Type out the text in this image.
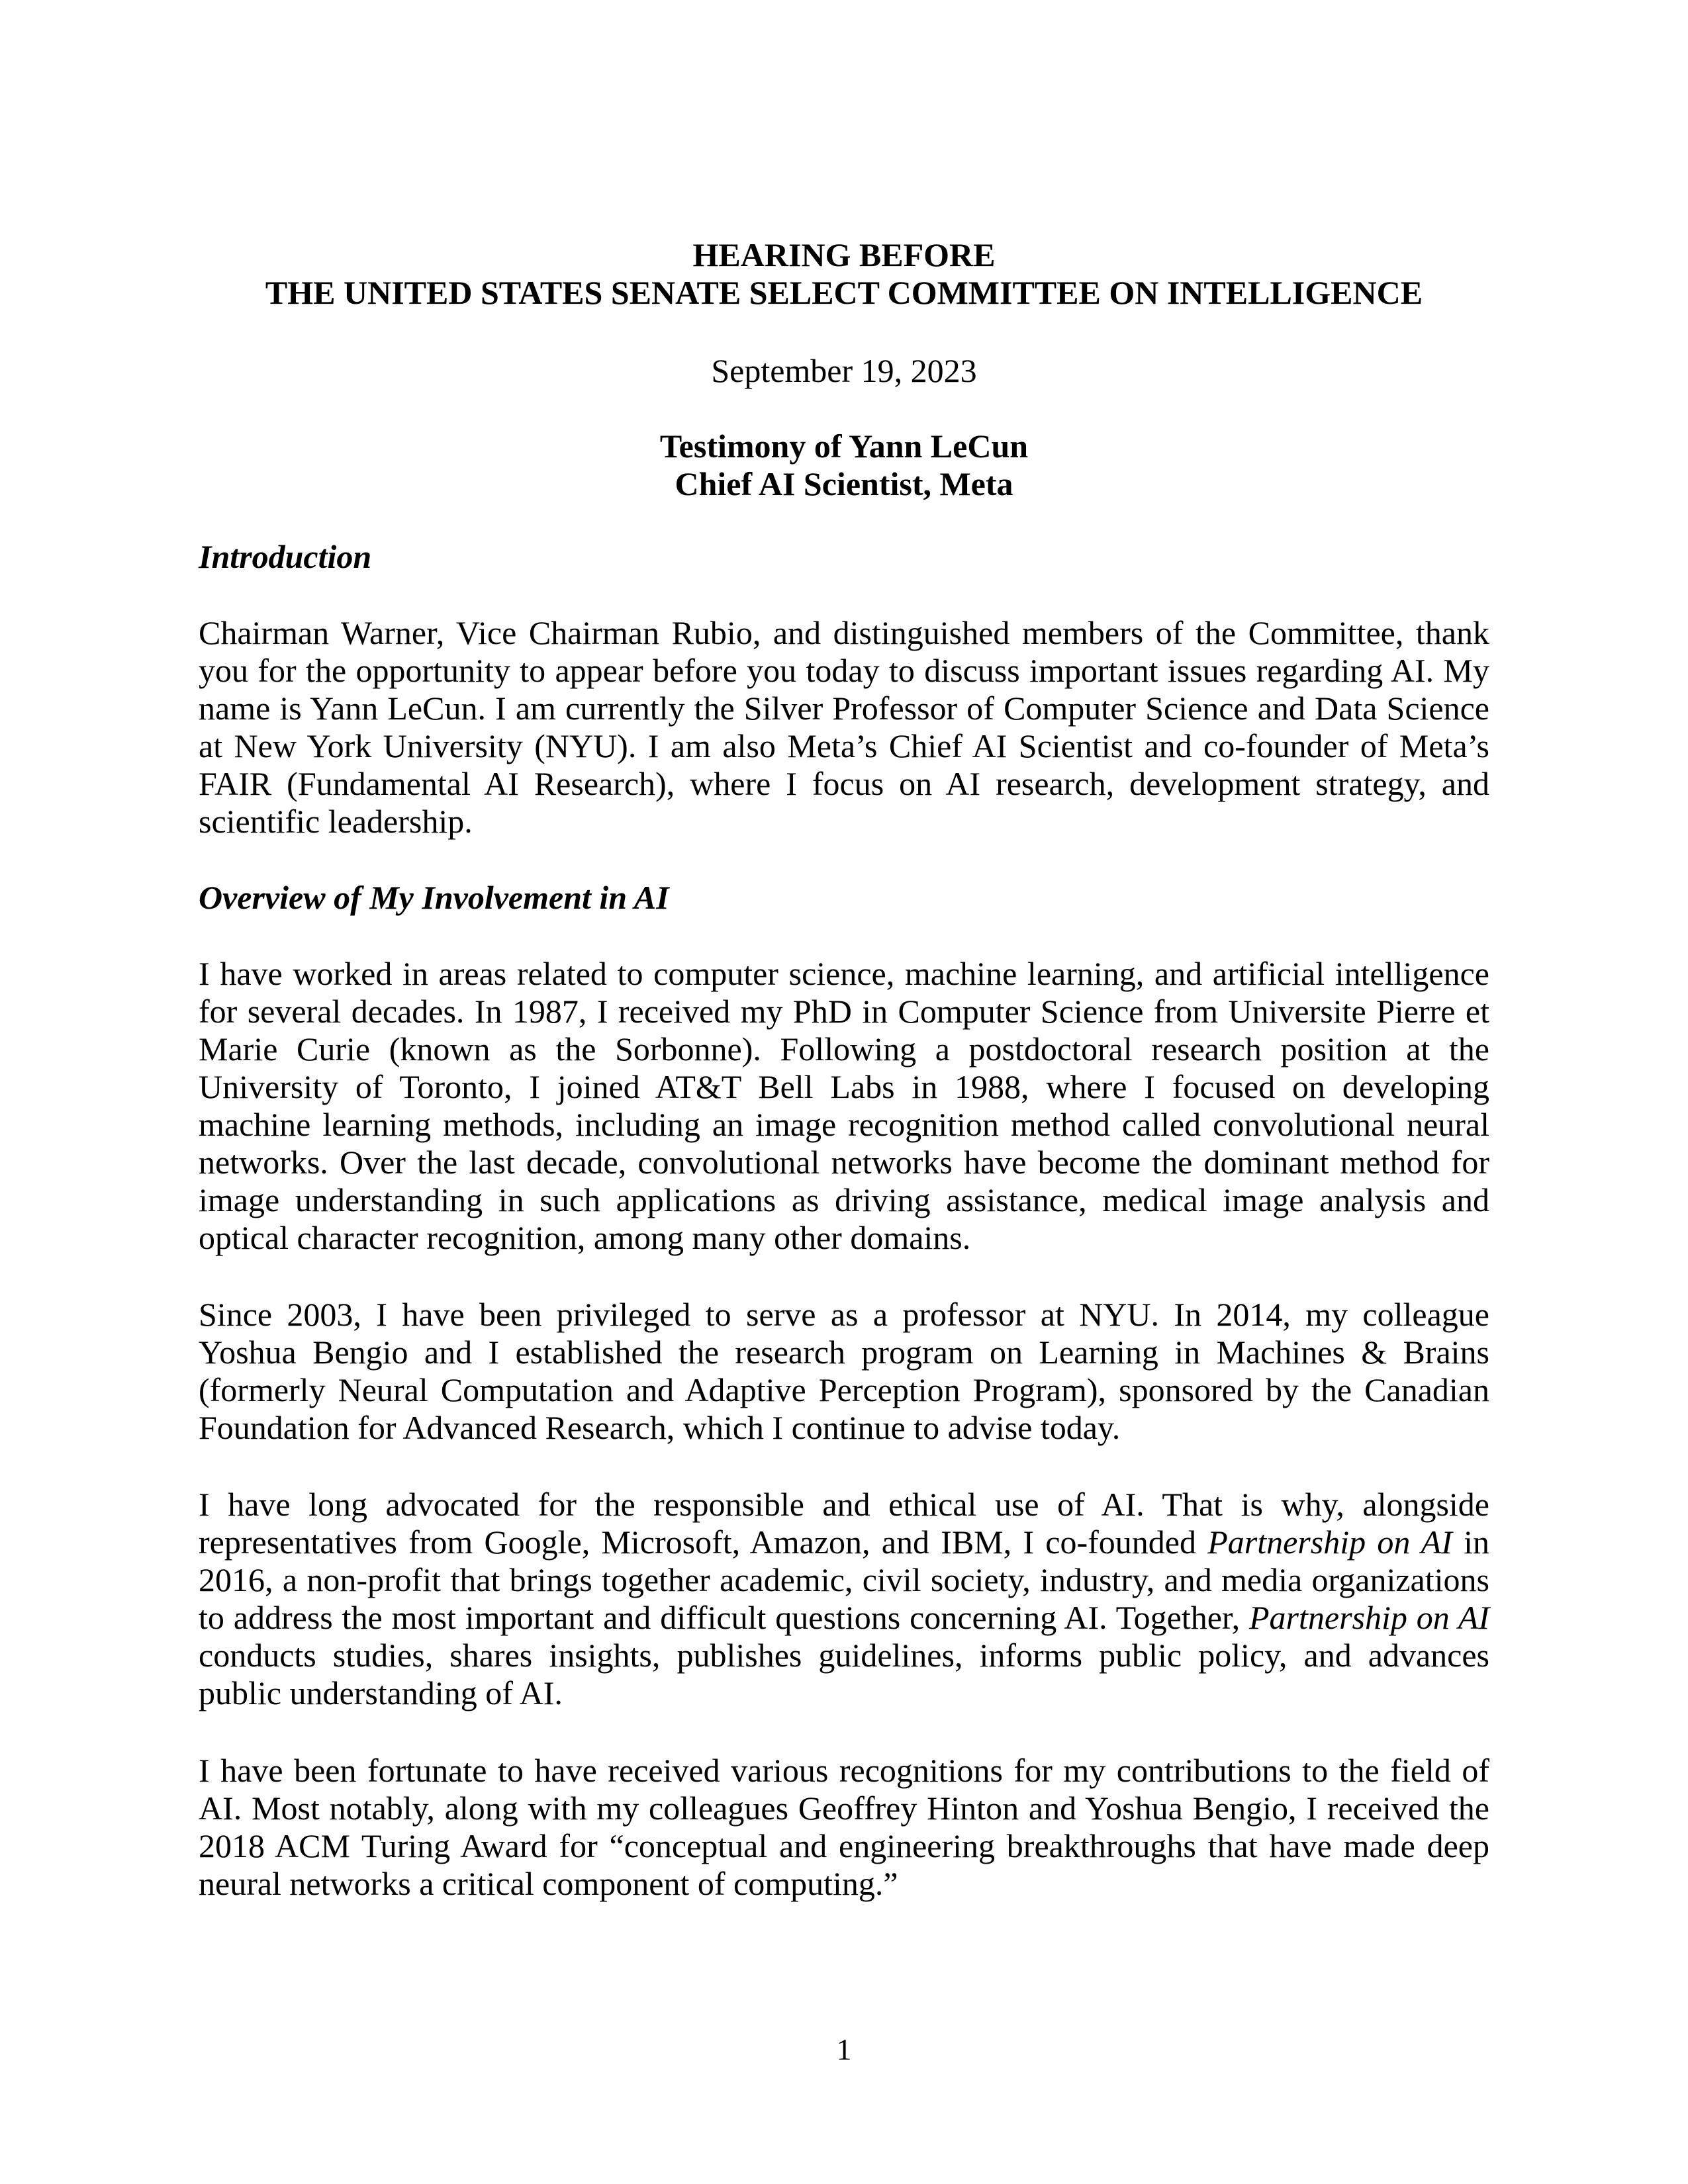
HEARING BEFORE
THE UNITED STATES SENATE SELECT COMMITTEE ON INTELLIGENCE
September 19, 2023
Testimony of Yann LeCun
Chief AI Scientist, Meta
Introduction
Chairman Warner, Vice Chairman Rubio, and distinguished members of the Committee, thank
you for the opportunity to appear before you today to discuss important issues regarding AI. My
name is Yann LeCun. I am currently the Silver Professor of Computer Science and Data Science
at New York University (NYU). I am also Meta’s Chief AI Scientist and co-founder of Meta’s
FAIR (Fundamental AI Research), where I focus on AI research, development strategy, and
scientific leadership.
Overview of My Involvement in AI
I have worked in areas related to computer science, machine learning, and artificial intelligence
for several decades. In 1987, I received my PhD in Computer Science from Universite Pierre et
Marie Curie (known as the Sorbonne). Following a postdoctoral research position at the
University of Toronto, I joined AT&T Bell Labs in 1988, where I focused on developing
machine learning methods, including an image recognition method called convolutional neural
networks. Over the last decade, convolutional networks have become the dominant method for
image understanding in such applications as driving assistance, medical image analysis and
optical character recognition, among many other domains.
Since 2003, I have been privileged to serve as a professor at NYU. In 2014, my colleague
Yoshua Bengio and I established the research program on Learning in Machines & Brains
(formerly Neural Computation and Adaptive Perception Program), sponsored by the Canadian
Foundation for Advanced Research, which I continue to advise today.
I have long advocated for the responsible and ethical use of AI. That is why, alongside
representatives from Google, Microsoft, Amazon, and IBM, I co-founded Partnership on AI in
2016, a non-profit that brings together academic, civil society, industry, and media organizations
to address the most important and difficult questions concerning AI. Together, Partnership on AI
conducts studies, shares insights, publishes guidelines, informs public policy, and advances
public understanding of AI.
I have been fortunate to have received various recognitions for my contributions to the field of
AI. Most notably, along with my colleagues Geoffrey Hinton and Yoshua Bengio, I received the
2018 ACM Turing Award for “conceptual and engineering breakthroughs that have made deep
neural networks a critical component of computing.”
1
